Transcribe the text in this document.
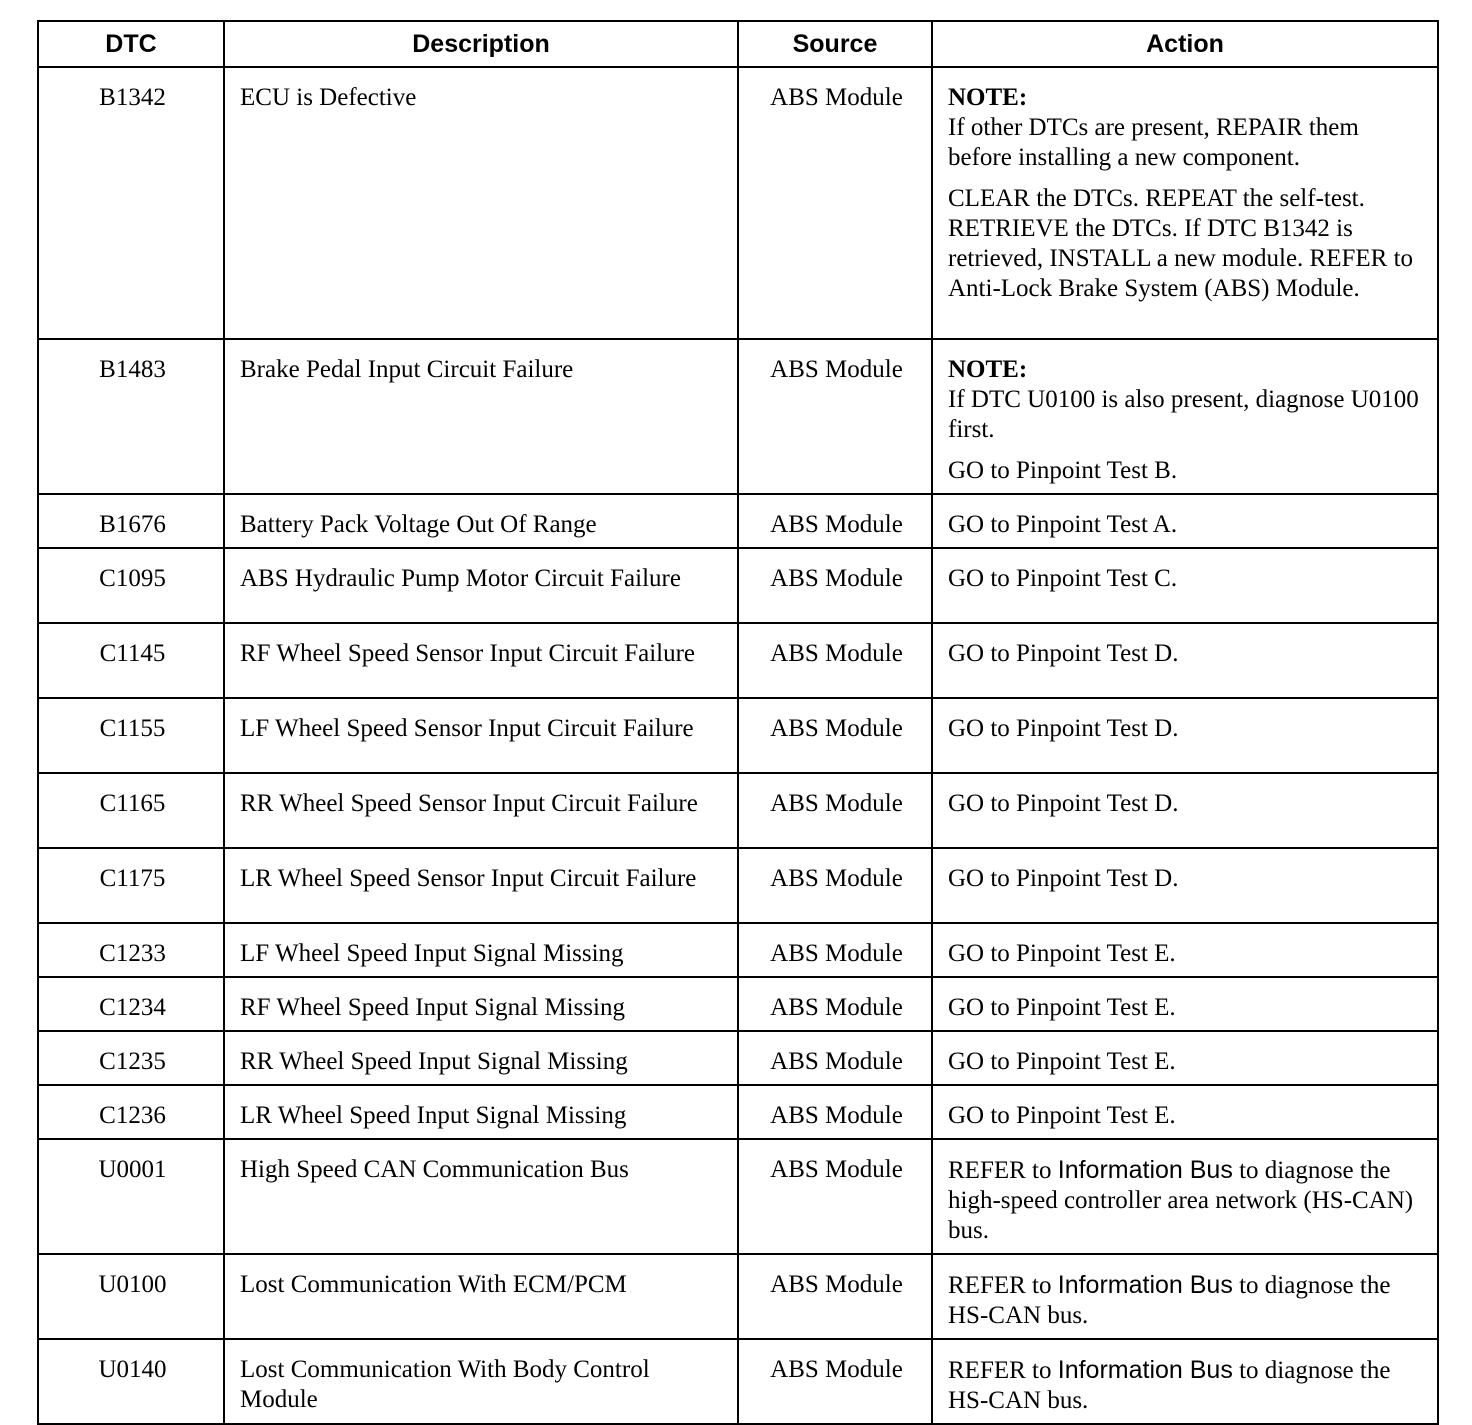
DTC	Description	Source	Action
B1342	ECU is Defective	ABS Module	NOTE:
If other DTCs are present, REPAIR them before installing a new component.
CLEAR the DTCs. REPEAT the self-test. RETRIEVE the DTCs. If DTC B1342 is retrieved, INSTALL a new module. REFER to Anti-Lock Brake System (ABS) Module.

B1483	Brake Pedal Input Circuit Failure	ABS Module	NOTE:
If DTC U0100 is also present, diagnose U0100 first.
GO to Pinpoint Test B.

B1676	Battery Pack Voltage Out Of Range	ABS Module	GO to Pinpoint Test A.
C1095	ABS Hydraulic Pump Motor Circuit Failure	ABS Module	GO to Pinpoint Test C.
C1145	RF Wheel Speed Sensor Input Circuit Failure	ABS Module	GO to Pinpoint Test D.
C1155	LF Wheel Speed Sensor Input Circuit Failure	ABS Module	GO to Pinpoint Test D.
C1165	RR Wheel Speed Sensor Input Circuit Failure	ABS Module	GO to Pinpoint Test D.
C1175	LR Wheel Speed Sensor Input Circuit Failure	ABS Module	GO to Pinpoint Test D.
C1233	LF Wheel Speed Input Signal Missing	ABS Module	GO to Pinpoint Test E.
C1234	RF Wheel Speed Input Signal Missing	ABS Module	GO to Pinpoint Test E.
C1235	RR Wheel Speed Input Signal Missing	ABS Module	GO to Pinpoint Test E.
C1236	LR Wheel Speed Input Signal Missing	ABS Module	GO to Pinpoint Test E.
U0001	High Speed CAN Communication Bus	ABS Module	REFER to Information Bus to diagnose the high-speed controller area network (HS-CAN) bus.
U0100	Lost Communication With ECM/PCM	ABS Module	REFER to Information Bus to diagnose the HS-CAN bus.
U0140	Lost Communication With Body Control Module	ABS Module	REFER to Information Bus to diagnose the HS-CAN bus.
